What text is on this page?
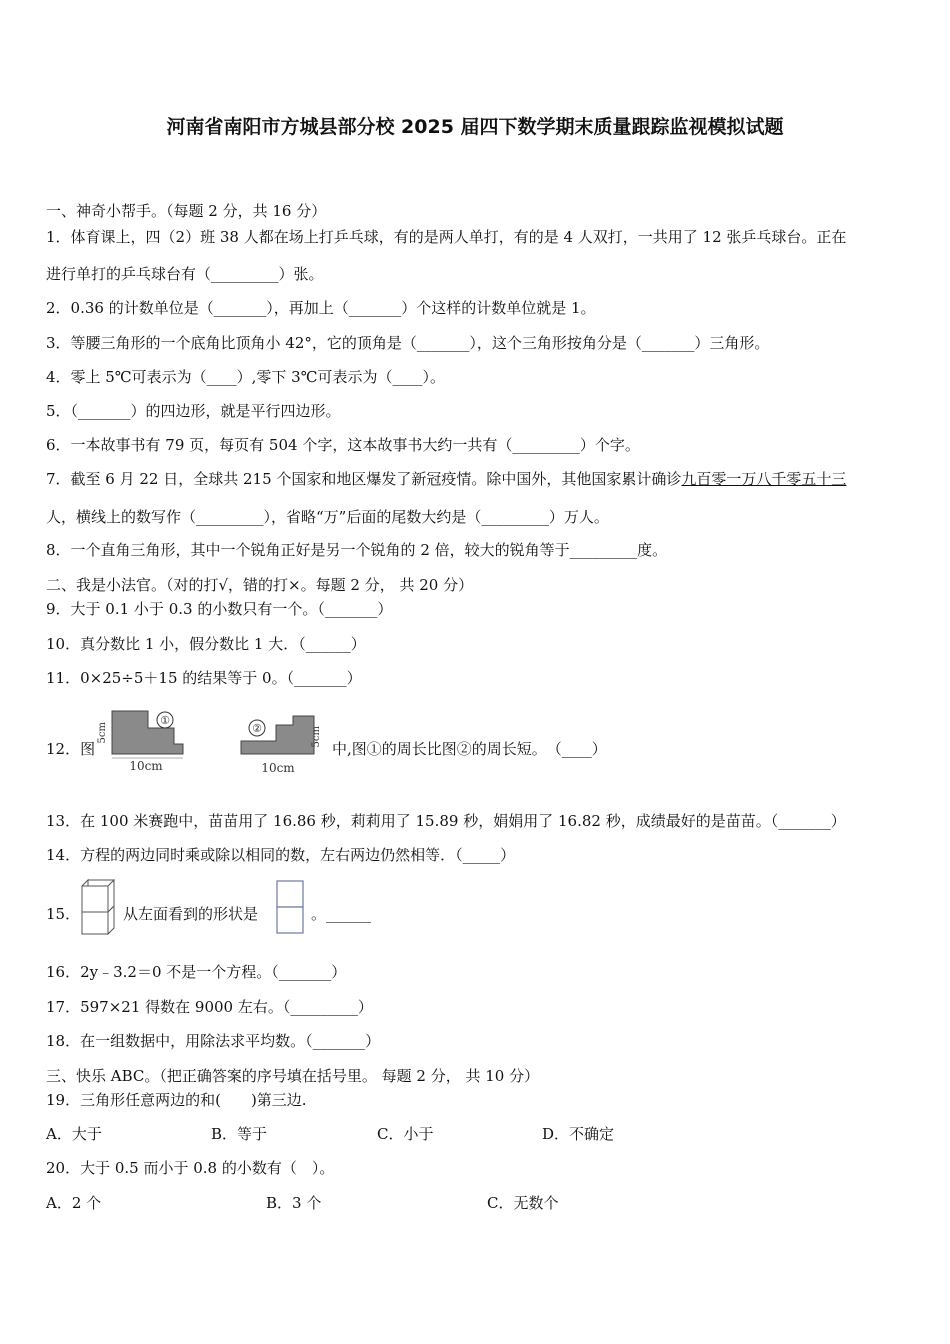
河南省南阳市方城县部分校 2025 届四下数学期末质量跟踪监视模拟试题
一、神奇小帮手。（每题 2 分，共 16 分）
1．体育课上，四（2）班 38 人都在场上打乒乓球，有的是两人单打，有的是 4 人双打，一共用了 12 张乒乓球台。正在
进行单打的乒乓球台有（_________）张。
2．0.36 的计数单位是（_______），再加上（_______）个这样的计数单位就是 1。
3．等腰三角形的一个底角比顶角小 42°，它的顶角是（_______），这个三角形按角分是（_______）三角形。
4．零上 5℃可表示为（____）,零下 3℃可表示为（____）。
5．（_______）的四边形，就是平行四边形。
6．一本故事书有 79 页，每页有 504 个字，这本故事书大约一共有（_________）个字。
7．截至 6 月 22 日，全球共 215 个国家和地区爆发了新冠疫情。除中国外，其他国家累计确诊九百零一万八千零五十三
人，横线上的数写作（_________），省略“万”后面的尾数大约是（_________）万人。
8．一个直角三角形，其中一个锐角正好是另一个锐角的 2 倍，较大的锐角等于_________度。
二、我是小法官。（对的打√，错的打×。每题 2 分， 共 20 分）
9．大于 0.1 小于 0.3 的小数只有一个。（_______）
10．真分数比 1 小，假分数比 1 大．（______）
11．0×25÷5＋15 的结果等于 0。（_______）
12．图
5cm
①
10cm
②	5cm
10cm
中,图①的周长比图②的周长短。　（____）
13．在 100 米赛跑中，苗苗用了 16.86 秒，莉莉用了 15.89 秒，娟娟用了 16.82 秒，成绩最好的是苗苗。（_______）
14．方程的两边同时乘或除以相同的数，左右两边仍然相等．（_____）
15．	从左面看到的形状是	。______
16．2y﹣3.2＝0 不是一个方程。（_______）
17．597×21 得数在 9000 左右。（_________）
18．在一组数据中，用除法求平均数。（_______）
三、快乐 ABC。（把正确答案的序号填在括号里。 每题 2 分， 共 10 分）
19．三角形任意两边的和(　　)第三边.
A．大于	B．等于	C．小于	D．不确定
20．大于 0.5 而小于 0.8 的小数有（　）。
A．2 个	B．3 个	C．无数个
